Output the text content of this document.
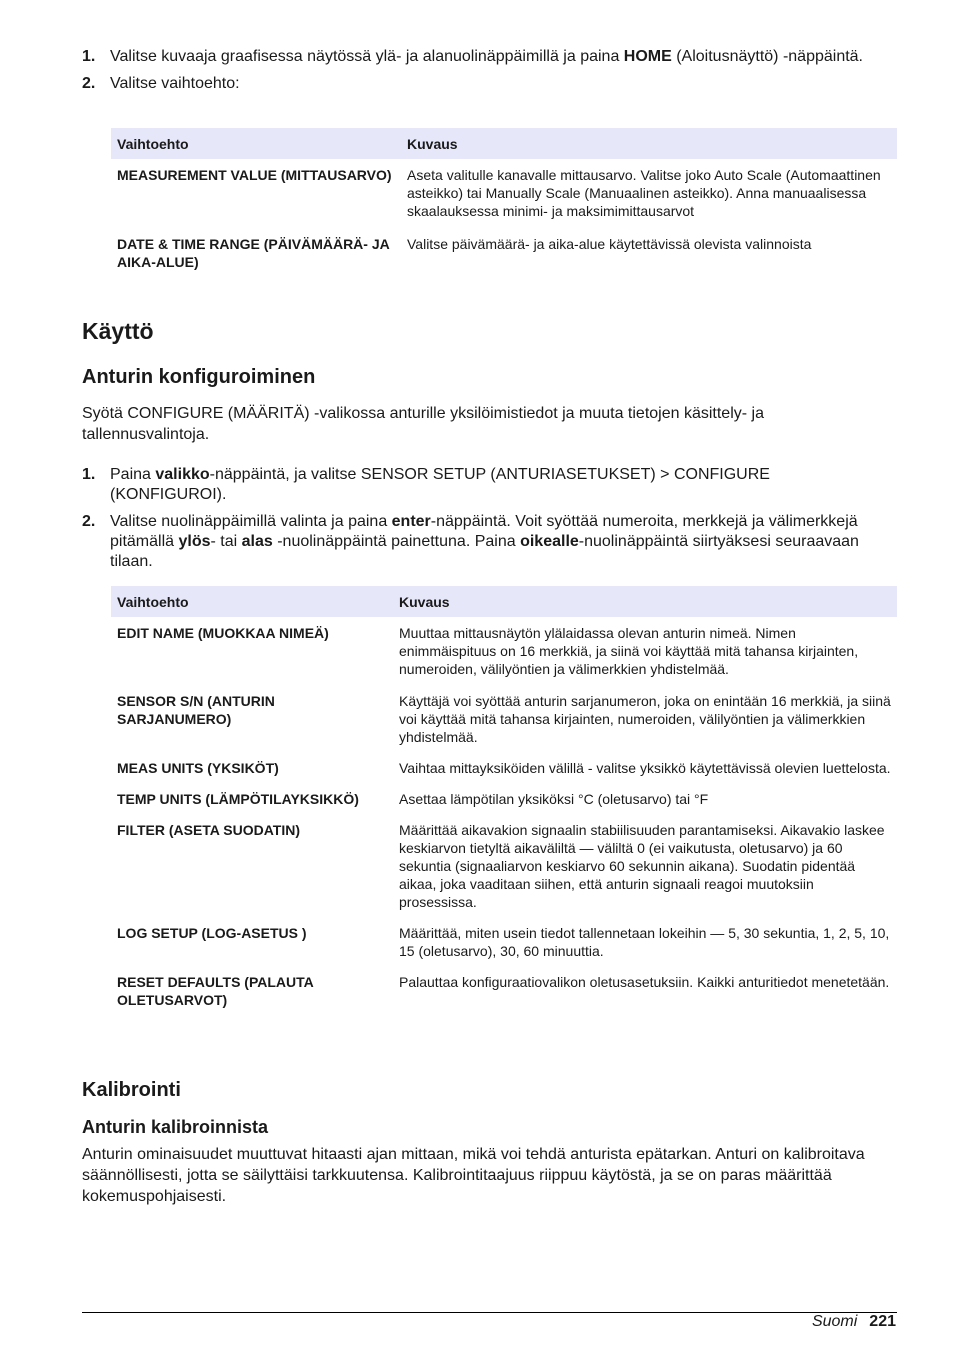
1. Valitse kuvaaja graafisessa näytössä ylä- ja alanuolinäppäimillä ja paina HOME (Aloitusnäyttö) -näppäintä.
2. Valitse vaihtoehto:
Vaihtoehto	Kuvaus
MEASUREMENT VALUE (MITTAUSARVO)	Aseta valitulle kanavalle mittausarvo. Valitse joko Auto Scale (Automaattinen asteikko) tai Manually Scale (Manuaalinen asteikko). Anna manuaalisessa skaalauksessa minimi- ja maksimimittausarvot
DATE & TIME RANGE (PÄIVÄMÄÄRÄ- JA AIKA-ALUE)	Valitse päivämäärä- ja aika-alue käytettävissä olevista valinnoista
Käyttö
Anturin konfiguroiminen
Syötä CONFIGURE (MÄÄRITÄ) -valikossa anturille yksilöimistiedot ja muuta tietojen käsittely- ja tallennusvalintoja.
1. Paina valikko-näppäintä, ja valitse SENSOR SETUP (ANTURIASETUKSET) > CONFIGURE (KONFIGUROI).
2. Valitse nuolinäppäimillä valinta ja paina enter-näppäintä. Voit syöttää numeroita, merkkejä ja välimerkkejä pitämällä ylös- tai alas -nuolinäppäintä painettuna. Paina oikealle-nuolinäppäintä siirtyäksesi seuraavaan tilaan.
Vaihtoehto	Kuvaus
EDIT NAME (MUOKKAA NIMEÄ)	Muuttaa mittausnäytön ylälaidassa olevan anturin nimeä. Nimen enimmäispituus on 16 merkkiä, ja siinä voi käyttää mitä tahansa kirjainten, numeroiden, välilyöntien ja välimerkkien yhdistelmää.
SENSOR S/N (ANTURIN SARJANUMERO)	Käyttäjä voi syöttää anturin sarjanumeron, joka on enintään 16 merkkiä, ja siinä voi käyttää mitä tahansa kirjainten, numeroiden, välilyöntien ja välimerkkien yhdistelmää.
MEAS UNITS (YKSIKÖT)	Vaihtaa mittayksiköiden välillä - valitse yksikkö käytettävissä olevien luettelosta.
TEMP UNITS (LÄMPÖTILAYKSIKKÖ)	Asettaa lämpötilan yksiköksi °C (oletusarvo) tai °F
FILTER (ASETA SUODATIN)	Määrittää aikavakion signaalin stabiilisuuden parantamiseksi. Aikavakio laskee keskiarvon tietyltä aikaväliltä — väliltä 0 (ei vaikutusta, oletusarvo) ja 60 sekuntia (signaaliarvon keskiarvo 60 sekunnin aikana). Suodatin pidentää aikaa, joka vaaditaan siihen, että anturin signaali reagoi muutoksiin prosessissa.
LOG SETUP (LOG-ASETUS )	Määrittää, miten usein tiedot tallennetaan lokeihin — 5, 30 sekuntia, 1, 2, 5, 10, 15 (oletusarvo), 30, 60 minuuttia.
RESET DEFAULTS (PALAUTA OLETUSARVOT)	Palauttaa konfiguraatiovalikon oletusasetuksiin. Kaikki anturitiedot menetetään.
Kalibrointi
Anturin kalibroinnista
Anturin ominaisuudet muuttuvat hitaasti ajan mittaan, mikä voi tehdä anturista epätarkan. Anturi on kalibroitava säännöllisesti, jotta se säilyttäisi tarkkuutensa. Kalibrointitaajuus riippuu käytöstä, ja se on paras määrittää kokemuspohjaisesti.
Suomi 221
